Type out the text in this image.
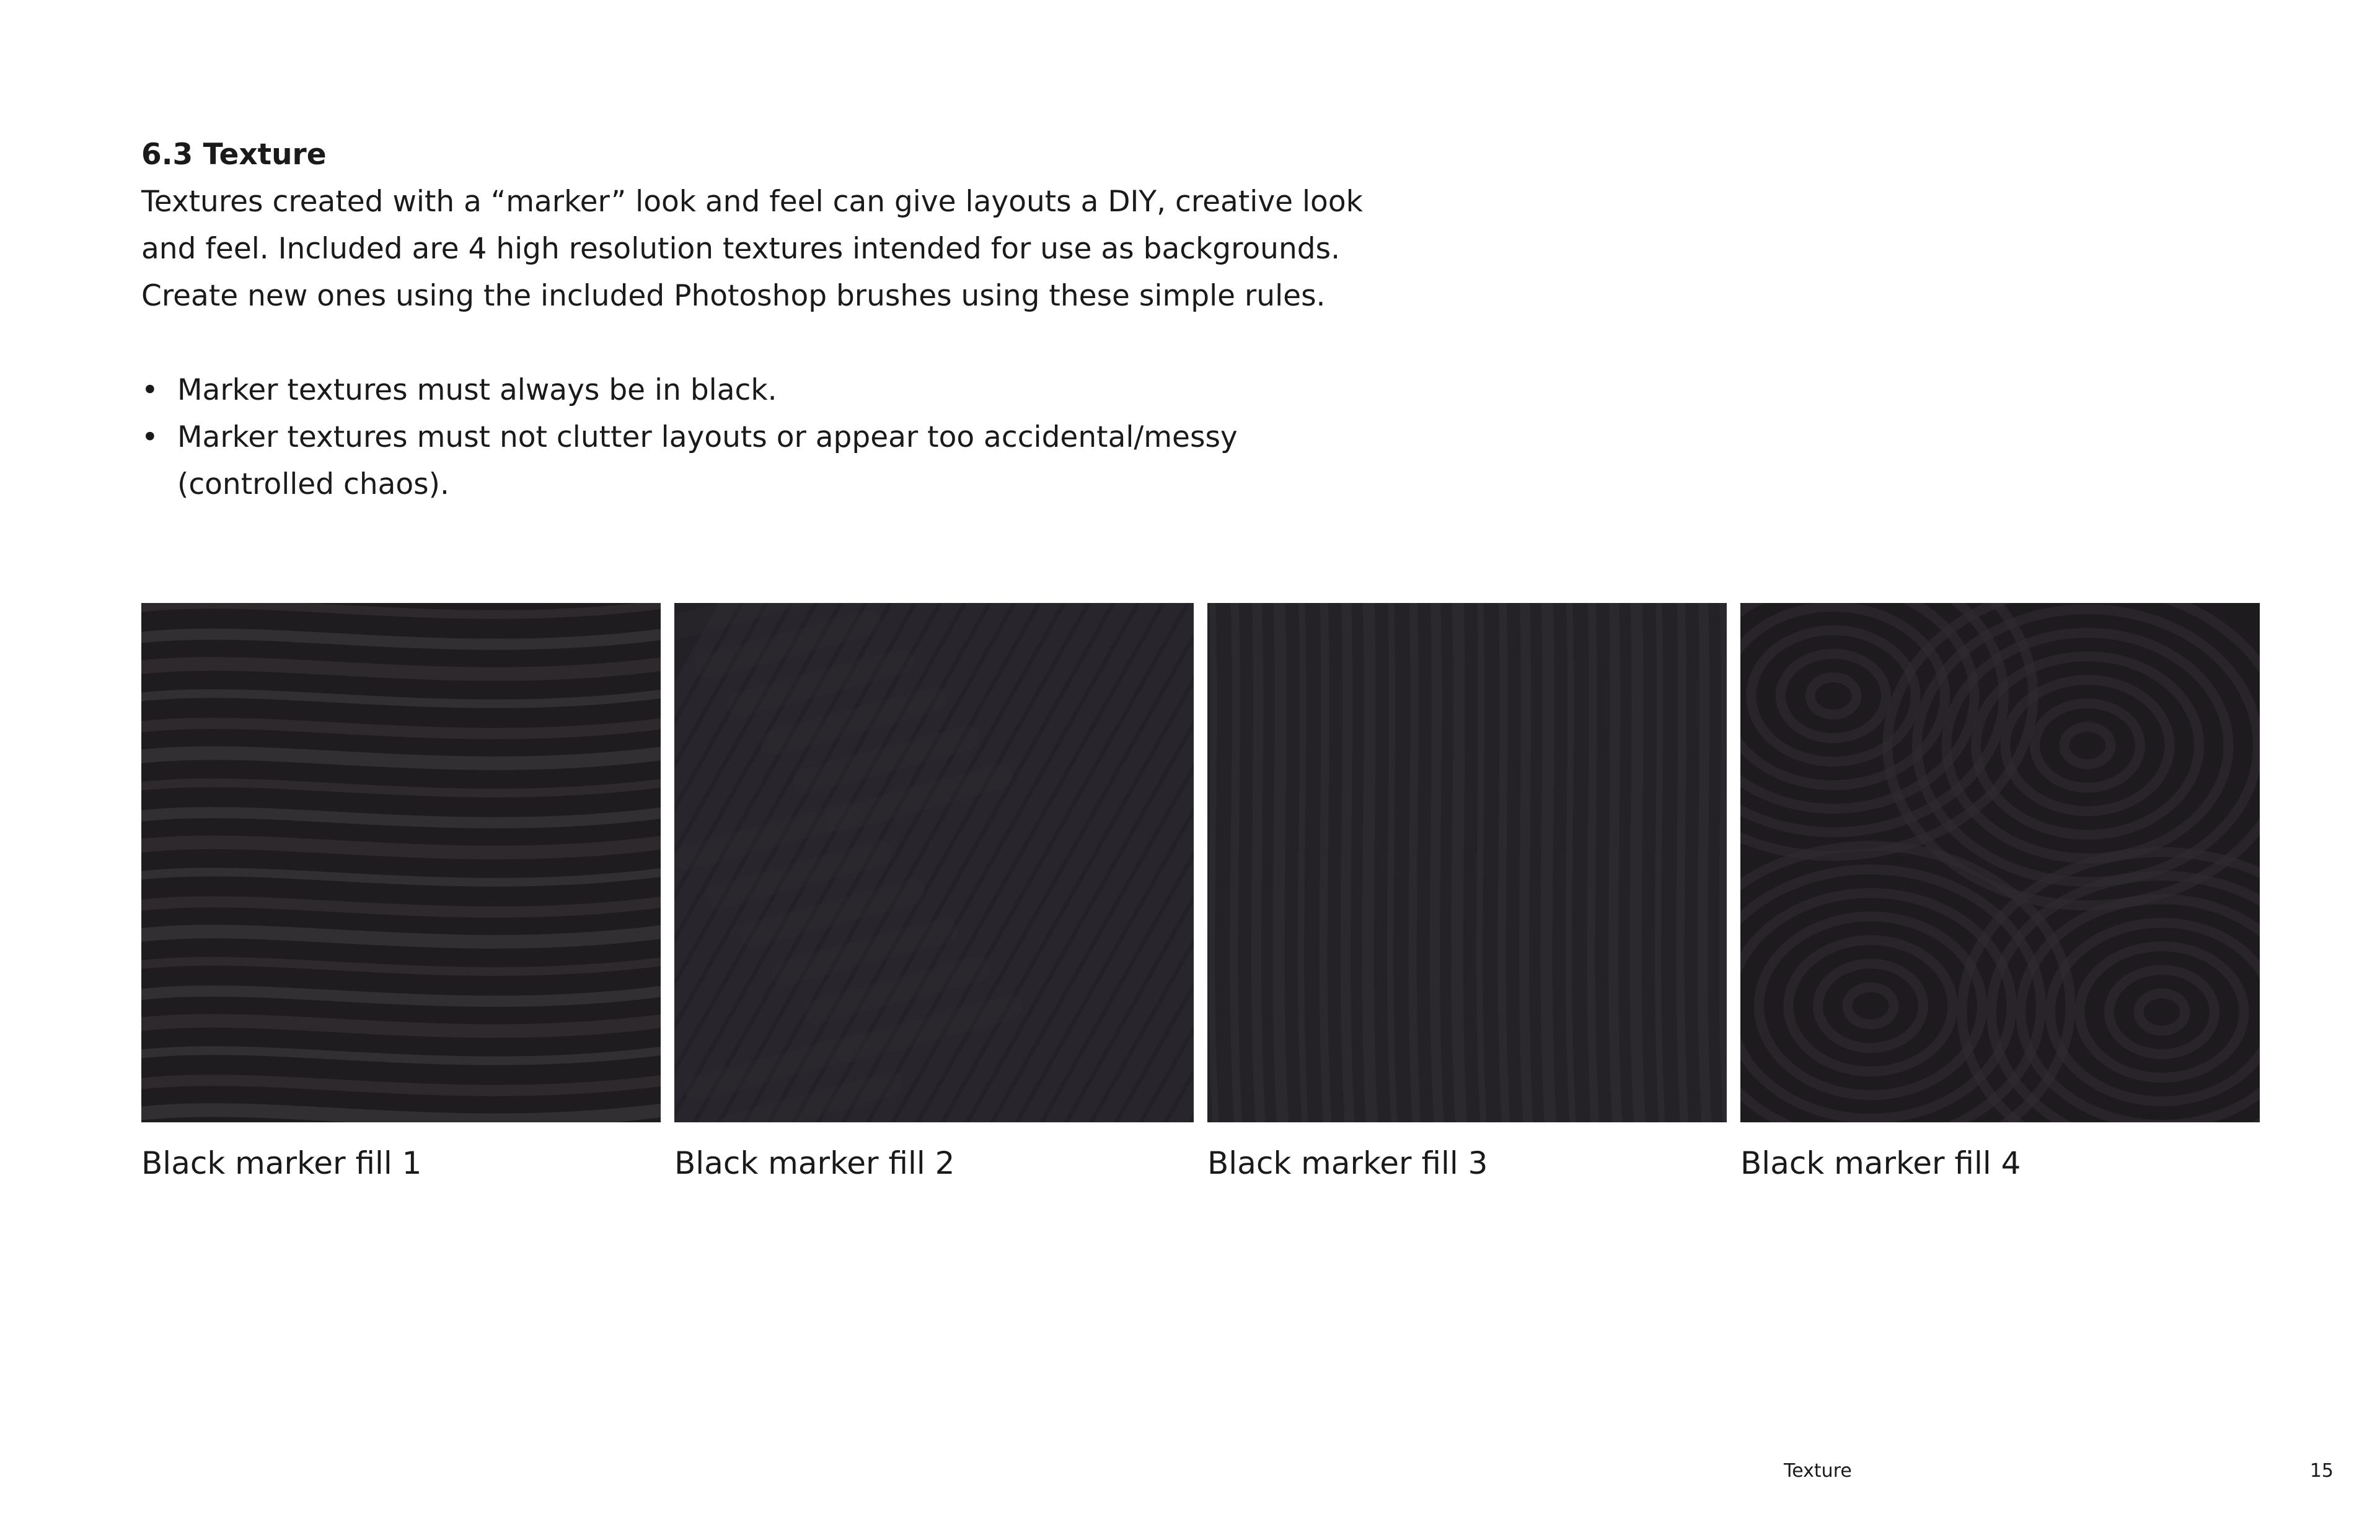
6.3 Texture

Textures created with a “marker” look and feel can give layouts a DIY, creative look
and feel. Included are 4 high resolution textures intended for use as backgrounds.
Create new ones using the included Photoshop brushes using these simple rules.

• Marker textures must always be in black.
• Marker textures must not clutter layouts or appear too accidental/messy
(controlled chaos).
Black marker fill 1	Black marker fill 2	Black marker fill 3	Black marker fill 4
Texture	15
